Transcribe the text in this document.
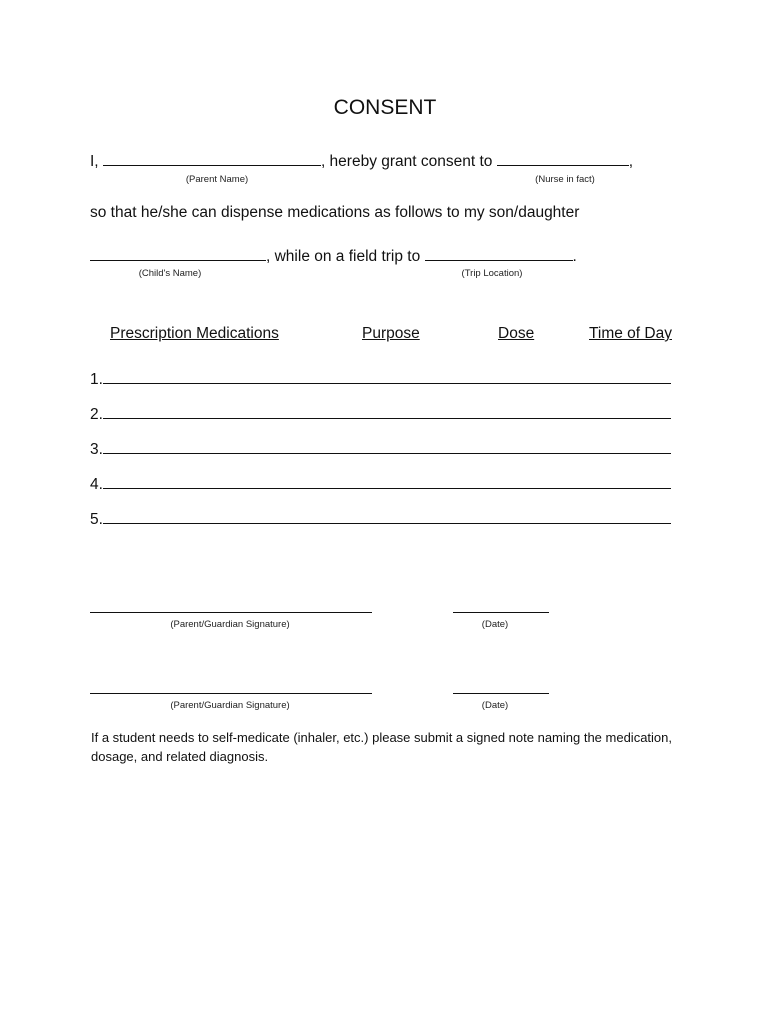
CONSENT
I,	, hereby grant consent to	,
(Parent Name)	(Nurse in fact)
so that he/she can dispense medications as follows to my son/daughter
, while on a field trip to	.
(Child's Name)	(Trip Location)
Prescription Medications	Purpose	Dose	Time of Day
1.
2.
3.
4.
5.
(Parent/Guardian Signature)	(Date)
(Parent/Guardian Signature)	(Date)
If a student needs to self-medicate (inhaler, etc.) please submit a signed note naming the medication, dosage, and related diagnosis.
